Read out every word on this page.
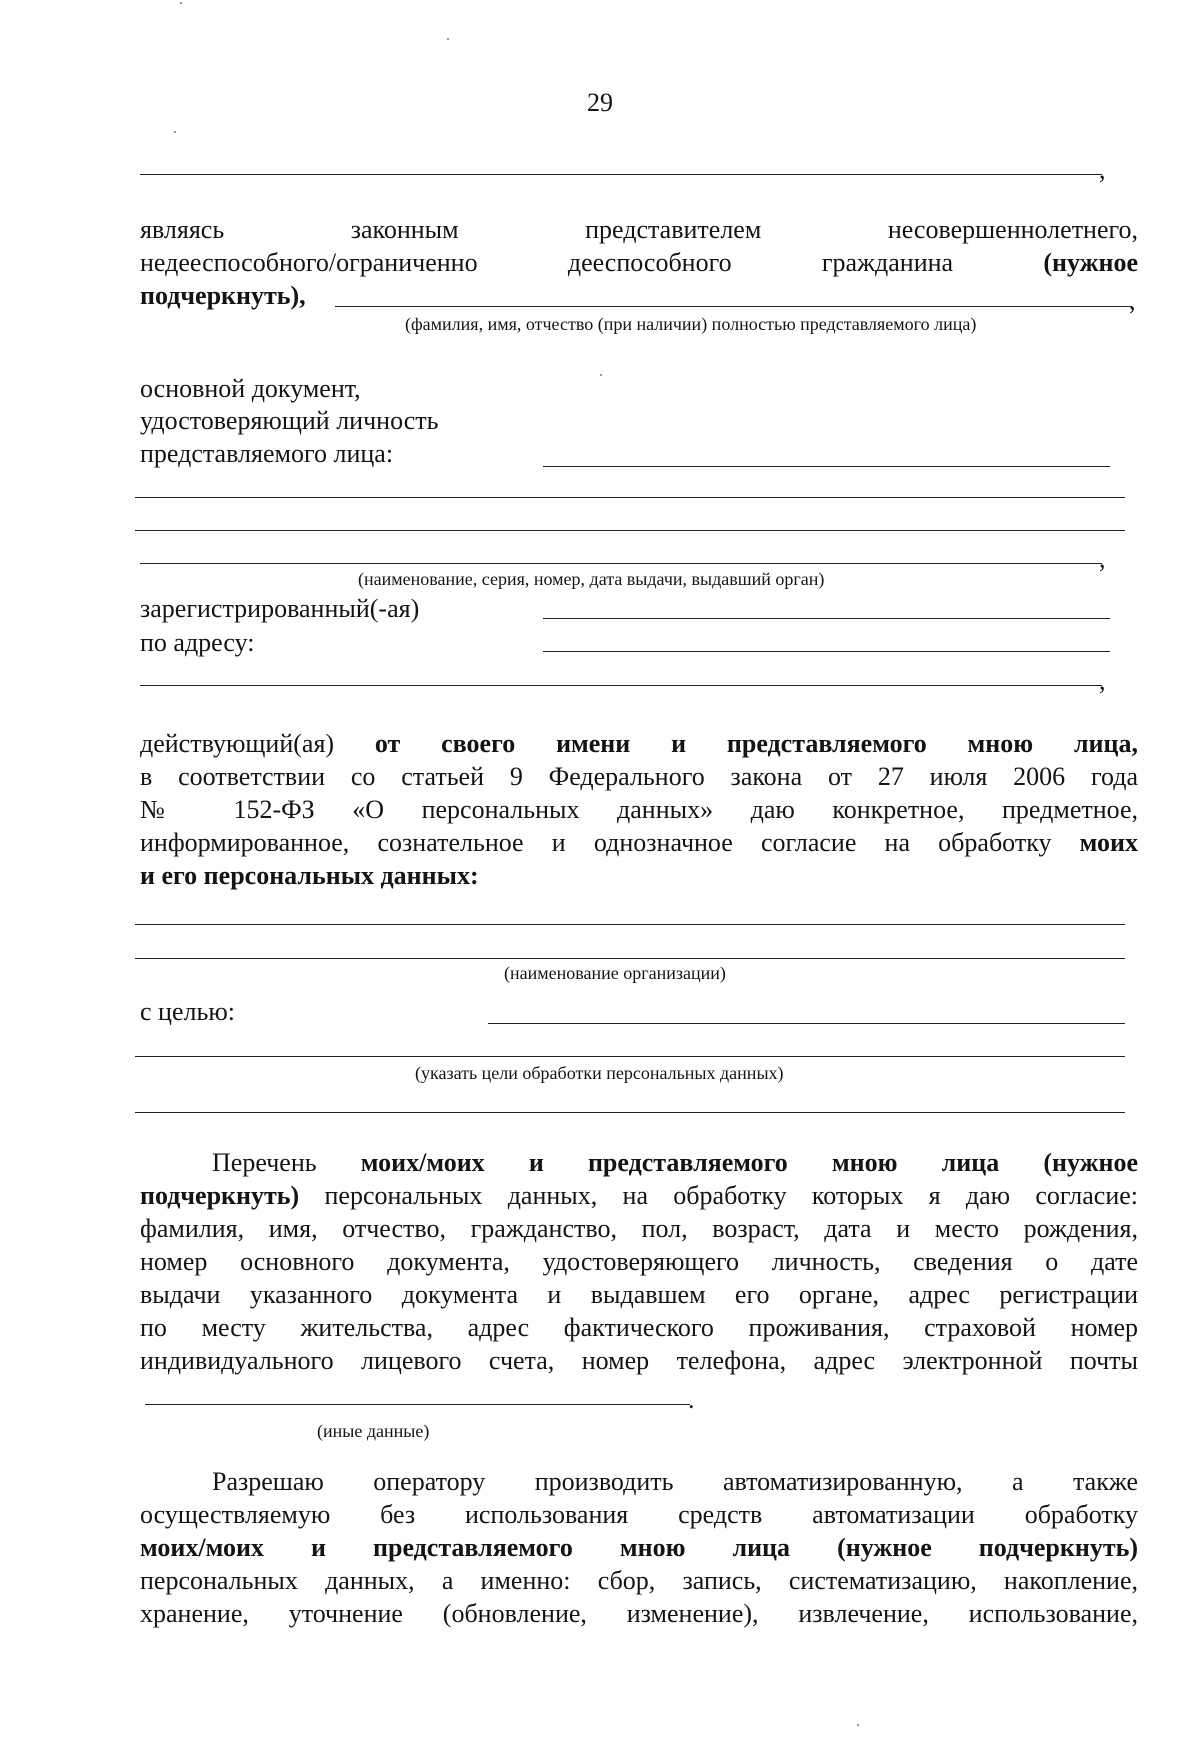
29
,
являясь	законным	представителем	несовершеннолетнего,
недееспособного/ограниченно	дееспособного	гражданина	(нужное
подчеркнуть),	,
(фамилия, имя, отчество (при наличии) полностью представляемого лица)
основной документ,
удостоверяющий личность
представляемого лица:
,
(наименование, серия, номер, дата выдачи, выдавший орган)
зарегистрированный(-ая)
по адресу:
,
действующий(ая) от своего имени и представляемого мною лица,
в соответствии со статьей 9 Федерального закона от 27 июля 2006 года
№ 152-ФЗ «О персональных данных» даю конкретное, предметное,
информированное, сознательное и однозначное согласие на обработку моих
и его персональных данных:
(наименование организации)
с целью:
(указать цели обработки персональных данных)
Перечень моих/моих и представляемого мною лица (нужное
подчеркнуть) персональных данных, на обработку которых я даю согласие:
фамилия, имя, отчество, гражданство, пол, возраст, дата и место рождения,
номер основного документа, удостоверяющего личность, сведения о дате
выдачи указанного документа и выдавшем его органе, адрес регистрации
по месту жительства, адрес фактического проживания, страховой номер
индивидуального лицевого счета, номер телефона, адрес электронной почты
.
(иные данные)
Разрешаю оператору производить автоматизированную, а также
осуществляемую без использования средств автоматизации обработку
моих/моих и представляемого мною лица (нужное подчеркнуть)
персональных данных, а именно: сбор, запись, систематизацию, накопление,
хранение, уточнение (обновление, изменение), извлечение, использование,
